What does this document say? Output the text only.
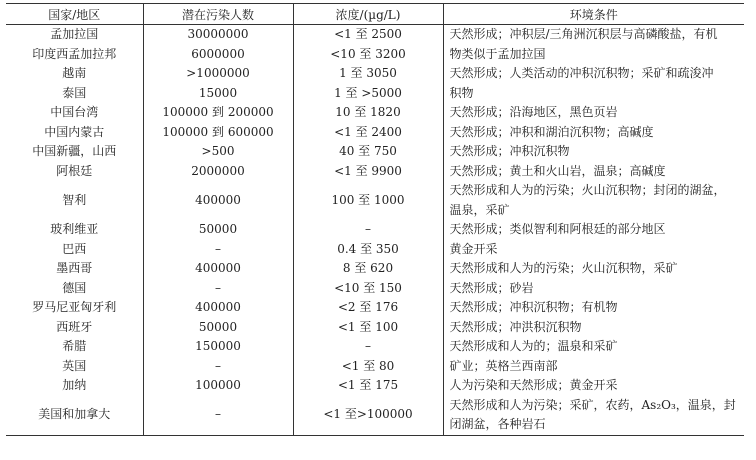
国家/地区	潜在污染人数	浓度/(µg/L)	环境条件
孟加拉国	30000000	<1 至 2500	天然形成；冲积层/三角洲沉积层与高磷酸盐，有机
物类似于孟加拉国

印度西孟加拉邦	6000000	<10 至 3200	
越南	>1000000	1 至 3050	天然形成；人类活动的冲积沉积物；采矿和疏浚冲
积物

泰国	15000	1 至 >5000	
中国台湾	100000 到 200000	10 至 1820	天然形成；沿海地区，黑色页岩

中国内蒙古	100000 到 600000	<1 至 2400	天然形成；冲积和湖泊沉积物；高碱度

中国新疆，山西	>500	40 至 750	天然形成；冲积沉积物

阿根廷	2000000	<1 至 9900	天然形成；黄土和火山岩，温泉；高碱度

智利	400000	100 至 1000	天然形成和人为的污染；火山沉积物；封闭的湖盆，
温泉，采矿

玻利维亚	50000	–	天然形成；类似智利和阿根廷的部分地区

巴西	–	0.4 至 350	黄金开采

墨西哥	400000	8 至 620	天然形成和人为的污染；火山沉积物，采矿

德国	–	<10 至 150	天然形成；砂岩

罗马尼亚匈牙利	400000	<2 至 176	天然形成；冲积沉积物；有机物

西班牙	50000	<1 至 100	天然形成；冲洪积沉积物

希腊	150000	–	天然形成和人为的；温泉和采矿

英国	–	<1 至 80	矿业；英格兰西南部

加纳	100000	<1 至 175	人为污染和天然形成；黄金开采

美国和加拿大	–	<1 至>100000	天然形成和人为污染；采矿，农药，As₂O₃，温泉，封
闭湖盆，各种岩石
